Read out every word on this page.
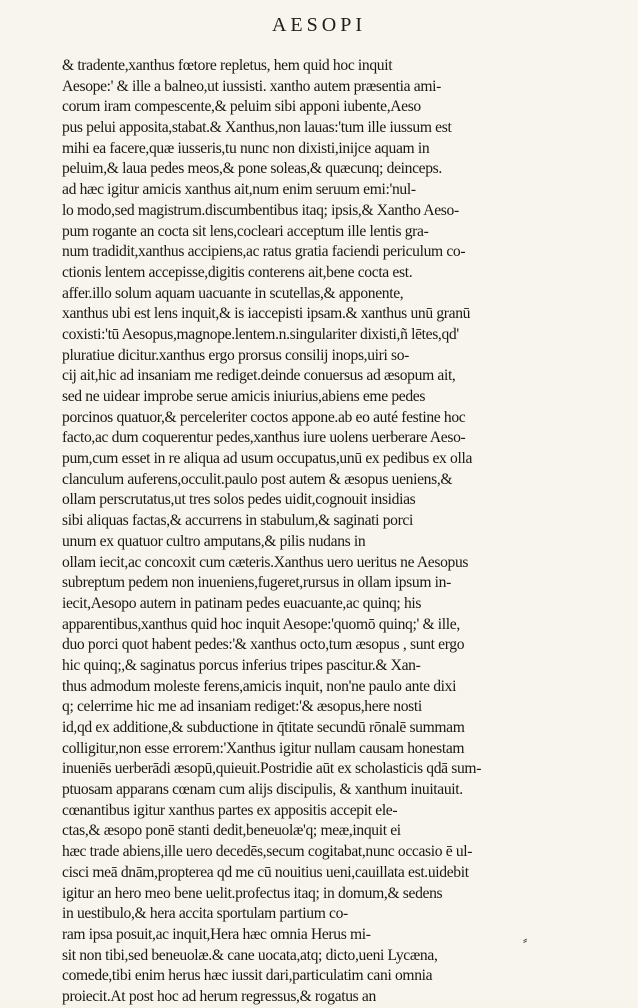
AESOPI
& tradente,xanthus fœtore repletus, hem quid hoc inquit
Aesope:' & ille a balneo,ut iussisti. xantho autem præsentia ami-
corum iram compescente,& peluim sibi apponi iubente,Aeso
pus pelui apposita,stabat.& Xanthus,non lauas:'tum ille iussum est
mihi ea facere,quæ iusseris,tu nunc non dixisti,inijce aquam in
peluim,& laua pedes meos,& pone soleas,& quæcunq; deinceps.
ad hæc igitur amicis xanthus ait,num enim seruum emi:'nul-
lo modo,sed magistrum.discumbentibus itaq; ipsis,& Xantho Aeso-
pum rogante an cocta sit lens,cocleari acceptum ille lentis gra-
num tradidit,xanthus accipiens,ac ratus gratia faciendi periculum co-
ctionis lentem accepisse,digitis conterens ait,bene cocta est.
affer.illo solum aquam uacuante in scutellas,& apponente,
xanthus ubi est lens inquit,& is iaccepisti ipsam.& xanthus unū granū
coxisti:'tū Aesopus,magnope.lentem.n.singulariter dixisti,ñ lētes,qd'
pluratiue dicitur.xanthus ergo prorsus consilij inops,uiri so-
cij ait,hic ad insaniam me rediget.deinde conuersus ad æsopum ait,
sed ne uidear improbe serue amicis iniurius,abiens eme pedes
porcinos quatuor,& perceleriter coctos appone.ab eo auté festine hoc
facto,ac dum coquerentur pedes,xanthus iure uolens uerberare Aeso-
pum,cum esset in re aliqua ad usum occupatus,unū ex pedibus ex olla
clanculum auferens,occulit.paulo post autem & æsopus ueniens,&
ollam perscrutatus,ut tres solos pedes uidit,cognouit insidias
sibi aliquas factas,& accurrens in stabulum,& saginati porci
unum ex quatuor cultro amputans,& pilis nudans in
ollam iecit,ac concoxit cum cæteris.Xanthus uero ueritus ne Aesopus
subreptum pedem non inueniens,fugeret,rursus in ollam ipsum in-
iecit,Aesopo autem in patinam pedes euacuante,ac quinq; his
apparentibus,xanthus quid hoc inquit Aesope:'quomō quinq;' & ille,
duo porci quot habent pedes:'& xanthus octo,tum æsopus , sunt ergo
hic quinq;,& saginatus porcus inferius tripes pascitur.& Xan-
thus admodum moleste ferens,amicis inquit, non'ne paulo ante dixi
q; celerrime hic me ad insaniam rediget:'& æsopus,here nosti
id,qd ex additione,& subductione in q̄titate secundū rōnalē summam
colligitur,non esse errorem:'Xanthus igitur nullam causam honestam
inueniēs uerberādi æsopū,quieuit.Postridie aūt ex scholasticis qdā sum-
ptuosam apparans cœnam cum alijs discipulis, & xanthum inuitauit.
cœnantibus igitur xanthus partes ex appositis accepit ele-
ctas,& æsopo ponē stanti dedit,beneuolæ'q; meæ,inquit ei
hæc trade abiens,ille uero decedēs,secum cogitabat,nunc occasio ē ul-
cisci meā dnām,propterea qd me cū nouitius ueni,cauillata est.uidebit
igitur an hero meo bene uelit.profectus itaq; in domum,& sedens
in uestibulo,& hera accita sportulam partium co-
ram ipsa posuit,ac inquit,Hera hæc omnia Herus mi-
sit non tibi,sed beneuolæ.& cane uocata,atq; dicto,ueni Lycæna,
comede,tibi enim herus hæc iussit dari,particulatim cani omnia
proiecit.At post hoc ad herum regressus,& rogatus an
⸗
